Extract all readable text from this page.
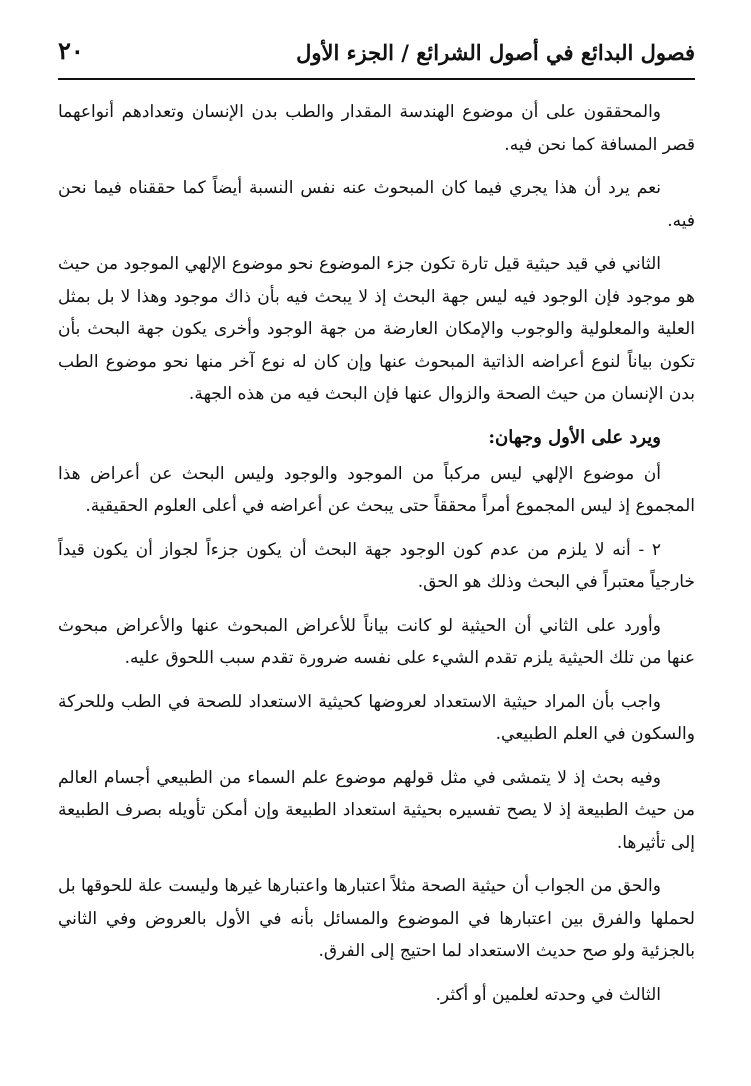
فصول البدائع في أصول الشرائع / الجزء الأول
٢٠

والمحققون على أن موضوع الهندسة المقدار والطب بدن الإنسان وتعدادهم أنواعهما قصر المسافة كما نحن فيه.

نعم يرد أن هذا يجري فيما كان المبحوث عنه نفس النسبة أيضاً كما حققناه فيما نحن فيه.

الثاني في قيد حيثية قيل تارة تكون جزء الموضوع نحو موضوع الإلهي الموجود من حيث هو موجود فإن الوجود فيه ليس جهة البحث إذ لا يبحث فيه بأن ذاك موجود وهذا لا بل بمثل العلية والمعلولية والوجوب والإمكان العارضة من جهة الوجود وأخرى يكون جهة البحث بأن تكون بياناً لنوع أعراضه الذاتية المبحوث عنها وإن كان له نوع آخر منها نحو موضوع الطب بدن الإنسان من حيث الصحة والزوال عنها فإن البحث فيه من هذه الجهة.

ويرد على الأول وجهان:

أن موضوع الإلهي ليس مركباً من الموجود والوجود وليس البحث عن أعراض هذا المجموع إذ ليس المجموع أمراً محققاً حتى يبحث عن أعراضه في أعلى العلوم الحقيقية.

٢ - أنه لا يلزم من عدم كون الوجود جهة البحث أن يكون جزءاً لجواز أن يكون قيداً خارجياً معتبراً في البحث وذلك هو الحق.

وأورد على الثاني أن الحيثية لو كانت بياناً للأعراض المبحوث عنها والأعراض مبحوث عنها من تلك الحيثية يلزم تقدم الشيء على نفسه ضرورة تقدم سبب اللحوق عليه.

واجب بأن المراد حيثية الاستعداد لعروضها كحيثية الاستعداد للصحة في الطب وللحركة والسكون في العلم الطبيعي.

وفيه بحث إذ لا يتمشى في مثل قولهم موضوع علم السماء من الطبيعي أجسام العالم من حيث الطبيعة إذ لا يصح تفسيره بحيثية استعداد الطبيعة وإن أمكن تأويله بصرف الطبيعة إلى تأثيرها.

والحق من الجواب أن حيثية الصحة مثلاً اعتبارها واعتبارها غيرها وليست علة للحوقها بل لحملها والفرق بين اعتبارها في الموضوع والمسائل بأنه في الأول بالعروض وفي الثاني بالجزئية ولو صح حديث الاستعداد لما احتيج إلى الفرق.

الثالث في وحدته لعلمين أو أكثر.
